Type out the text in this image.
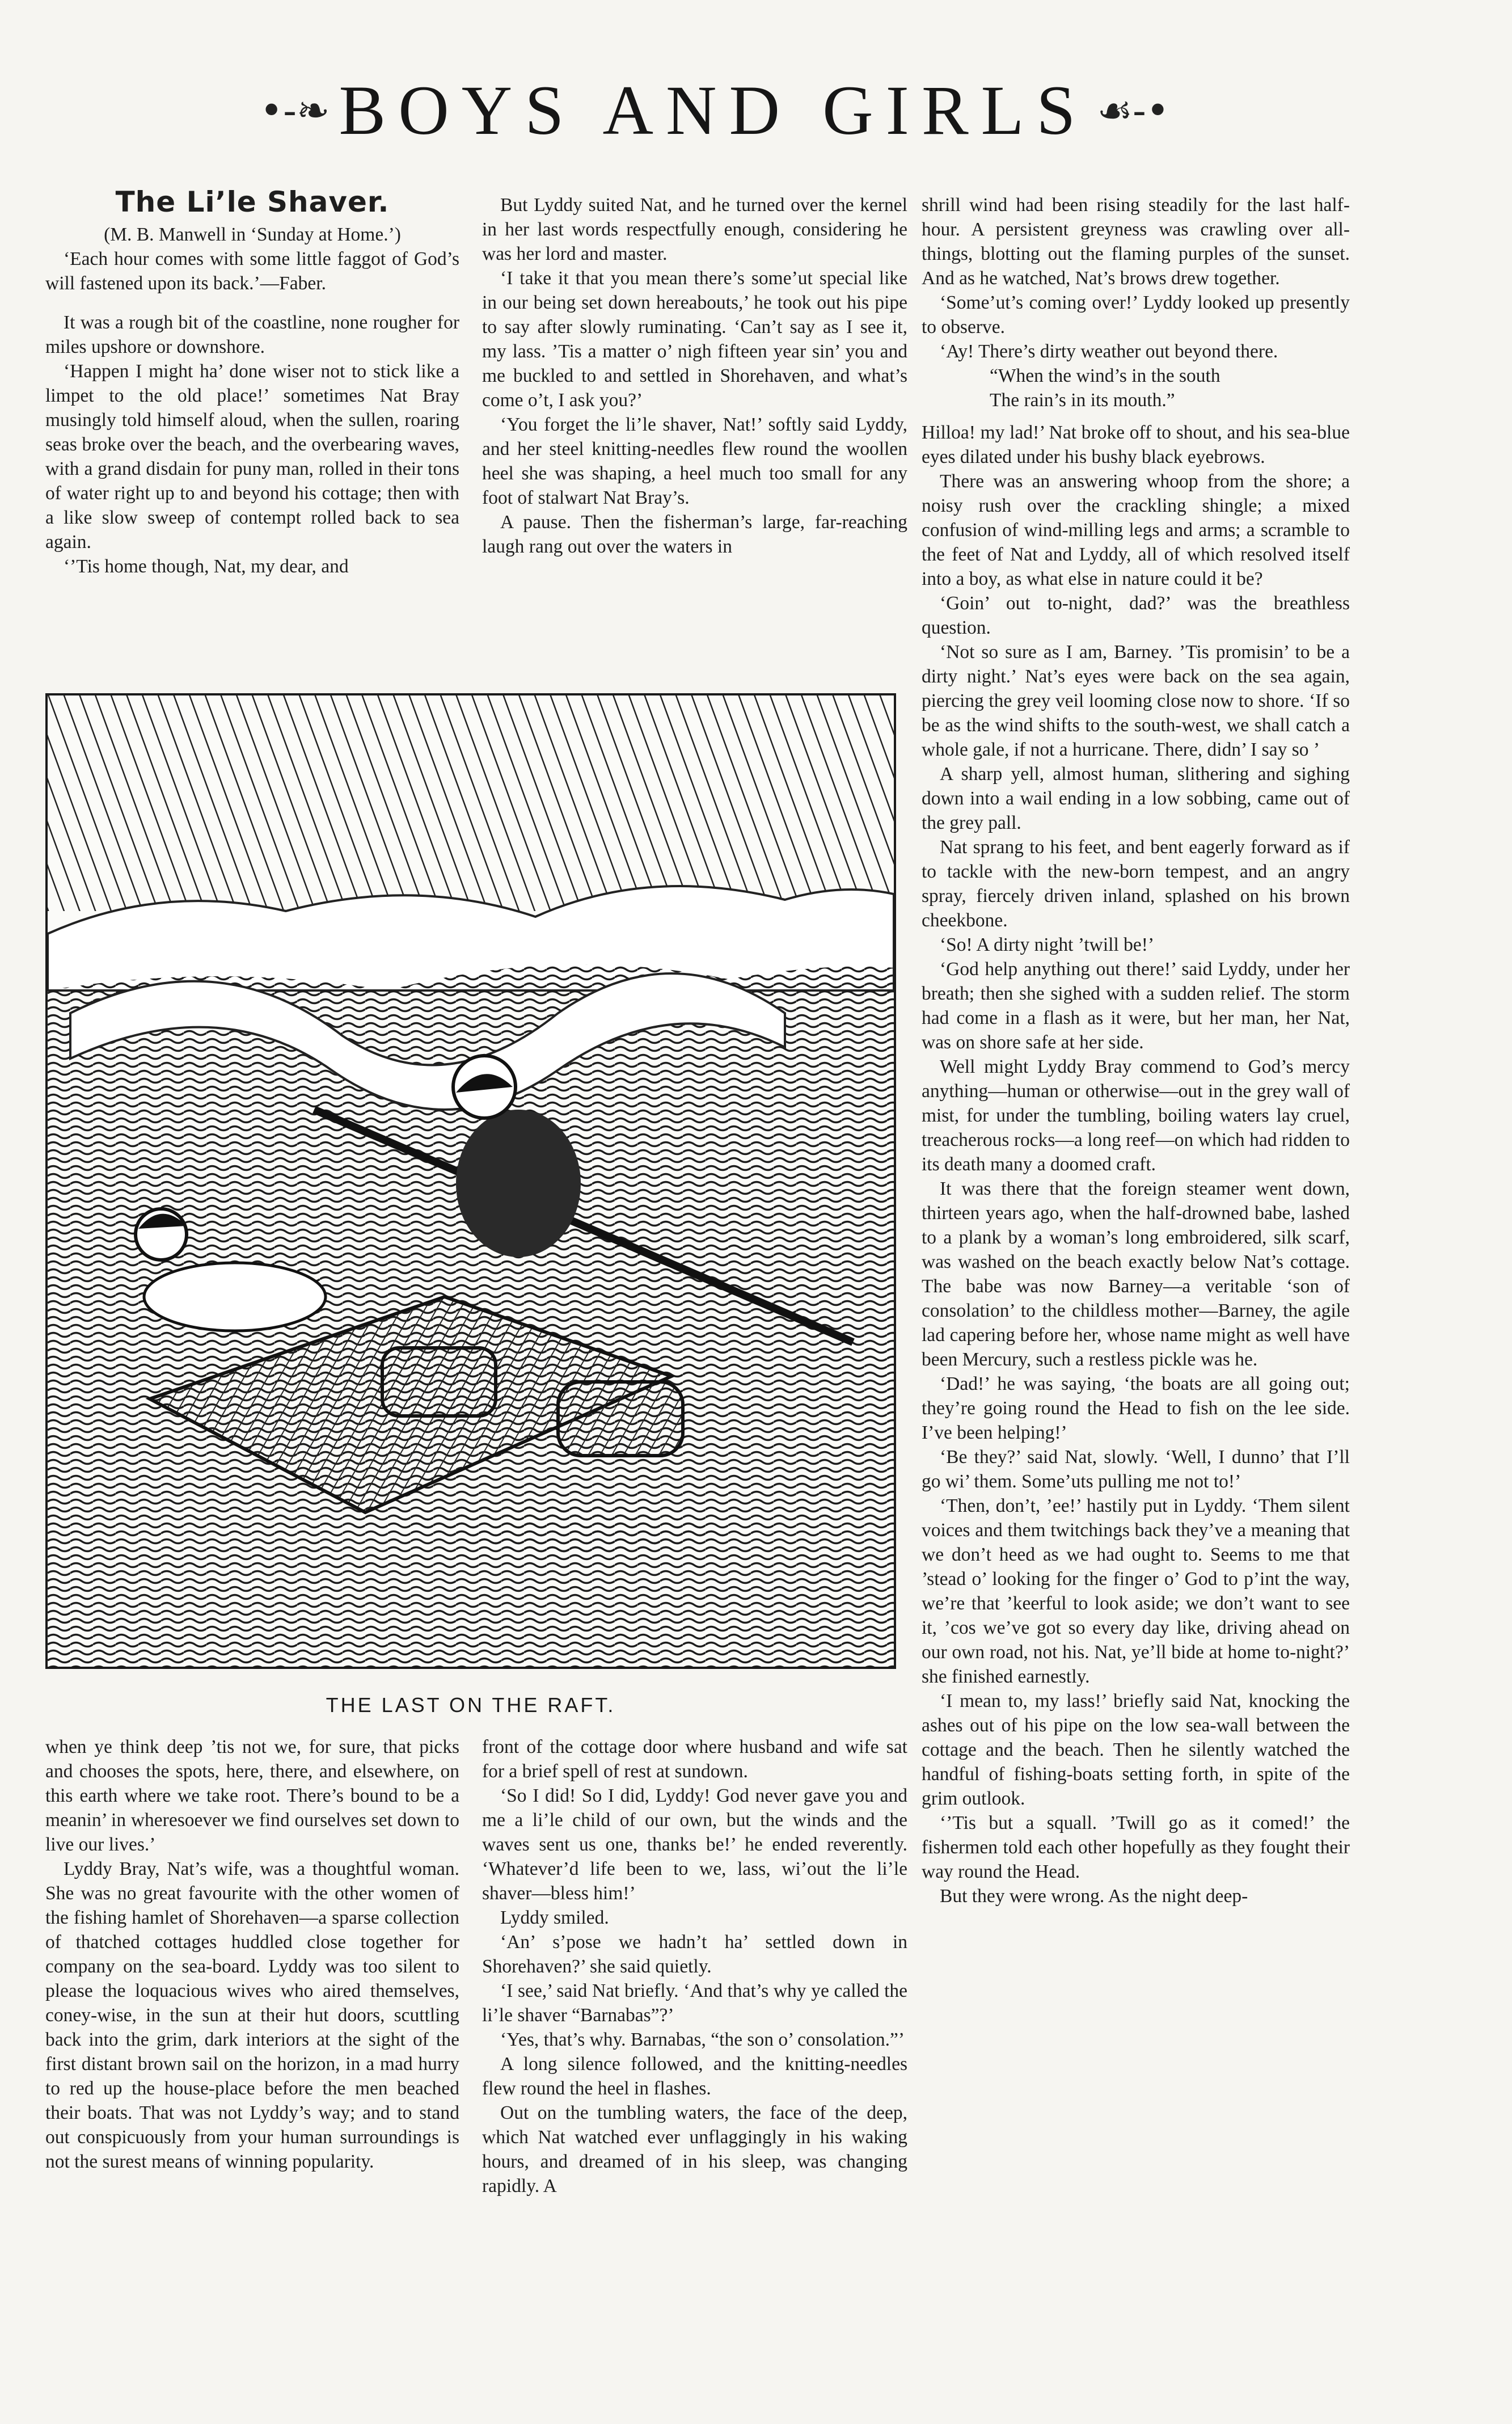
•-❧ BOYS AND GIRLS ☙-•
The Li’le Shaver.

(M. B. Manwell in ‘Sunday at Home.’)

‘Each hour comes with some little faggot of God’s will fastened upon its back.’—Faber.

It was a rough bit of the coastline, none rougher for miles upshore or downshore.

‘Happen I might ha’ done wiser not to stick like a limpet to the old place!’ sometimes Nat Bray musingly told himself aloud, when the sullen, roaring seas broke over the beach, and the overbearing waves, with a grand disdain for puny man, rolled in their tons of water right up to and beyond his cottage; then with a like slow sweep of contempt rolled back to sea again.

‘’Tis home though, Nat, my dear, and

But Lyddy suited Nat, and he turned over the kernel in her last words respectfully enough, considering he was her lord and master.

‘I take it that you mean there’s some’ut special like in our being set down hereabouts,’ he took out his pipe to say after slowly ruminating. ‘Can’t say as I see it, my lass. ’Tis a matter o’ nigh fifteen year sin’ you and me buckled to and settled in Shorehaven, and what’s come o’t, I ask you?’

‘You forget the li’le shaver, Nat!’ softly said Lyddy, and her steel knitting-needles flew round the woollen heel she was shaping, a heel much too small for any foot of stalwart Nat Bray’s.

A pause. Then the fisherman’s large, far-reaching laugh rang out over the waters in

shrill wind had been rising steadily for the last half-hour. A persistent greyness was crawling over all-things, blotting out the flaming purples of the sunset. And as he watched, Nat’s brows drew together.

‘Some’ut’s coming over!’ Lyddy looked up presently to observe.

‘Ay! There’s dirty weather out beyond there.

“When the wind’s in the south

The rain’s in its mouth.”

Hilloa! my lad!’ Nat broke off to shout, and his sea-blue eyes dilated under his bushy black eyebrows.

There was an answering whoop from the shore; a noisy rush over the crackling shingle; a mixed confusion of wind-milling legs and arms; a scramble to the feet of Nat and Lyddy, all of which resolved itself into a boy, as what else in nature could it be?

‘Goin’ out to-night, dad?’ was the breathless question.

‘Not so sure as I am, Barney. ’Tis promisin’ to be a dirty night.’ Nat’s eyes were back on the sea again, piercing the grey veil looming close now to shore. ‘If so be as the wind shifts to the south-west, we shall catch a whole gale, if not a hurricane. There, didn’ I say so ’

A sharp yell, almost human, slithering and sighing down into a wail ending in a low sobbing, came out of the grey pall.

Nat sprang to his feet, and bent eagerly forward as if to tackle with the new-born tempest, and an angry spray, fiercely driven inland, splashed on his brown cheekbone.

‘So! A dirty night ’twill be!’

‘God help anything out there!’ said Lyddy, under her breath; then she sighed with a sudden relief. The storm had come in a flash as it were, but her man, her Nat, was on shore safe at her side.

Well might Lyddy Bray commend to God’s mercy anything—human or otherwise—out in the grey wall of mist, for under the tumbling, boiling waters lay cruel, treacherous rocks—a long reef—on which had ridden to its death many a doomed craft.

It was there that the foreign steamer went down, thirteen years ago, when the half-drowned babe, lashed to a plank by a woman’s long embroidered, silk scarf, was washed on the beach exactly below Nat’s cottage. The babe was now Barney—a veritable ‘son of consolation’ to the childless mother—Barney, the agile lad capering before her, whose name might as well have been Mercury, such a restless pickle was he.

‘Dad!’ he was saying, ‘the boats are all going out; they’re going round the Head to fish on the lee side. I’ve been helping!’

‘Be they?’ said Nat, slowly. ‘Well, I dunno’ that I’ll go wi’ them. Some’uts pulling me not to!’

‘Then, don’t, ’ee!’ hastily put in Lyddy. ‘Them silent voices and them twitchings back they’ve a meaning that we don’t heed as we had ought to. Seems to me that ’stead o’ looking for the finger o’ God to p’int the way, we’re that ’keerful to look aside; we don’t want to see it, ’cos we’ve got so every day like, driving ahead on our own road, not his. Nat, ye’ll bide at home to-night?’ she finished earnestly.

‘I mean to, my lass!’ briefly said Nat, knocking the ashes out of his pipe on the low sea-wall between the cottage and the beach. Then he silently watched the handful of fishing-boats setting forth, in spite of the grim outlook.

‘’Tis but a squall. ’Twill go as it comed!’ the fishermen told each other hopefully as they fought their way round the Head.

But they were wrong. As the night deep-

THE LAST ON THE RAFT.

when ye think deep ’tis not we, for sure, that picks and chooses the spots, here, there, and elsewhere, on this earth where we take root. There’s bound to be a meanin’ in wheresoever we find ourselves set down to live our lives.’

Lyddy Bray, Nat’s wife, was a thoughtful woman. She was no great favourite with the other women of the fishing hamlet of Shorehaven—a sparse collection of thatched cottages huddled close together for company on the sea-board. Lyddy was too silent to please the loquacious wives who aired themselves, coney-wise, in the sun at their hut doors, scuttling back into the grim, dark interiors at the sight of the first distant brown sail on the horizon, in a mad hurry to red up the house-place before the men beached their boats. That was not Lyddy’s way; and to stand out conspicuously from your human surroundings is not the surest means of winning popularity.

front of the cottage door where husband and wife sat for a brief spell of rest at sundown.

‘So I did! So I did, Lyddy! God never gave you and me a li’le child of our own, but the winds and the waves sent us one, thanks be!’ he ended reverently. ‘Whatever’d life been to we, lass, wi’out the li’le shaver—bless him!’

Lyddy smiled.

‘An’ s’pose we hadn’t ha’ settled down in Shorehaven?’ she said quietly.

‘I see,’ said Nat briefly. ‘And that’s why ye called the li’le shaver “Barnabas”?’

‘Yes, that’s why. Barnabas, “the son o’ consolation.”’

A long silence followed, and the knitting-needles flew round the heel in flashes.

Out on the tumbling waters, the face of the deep, which Nat watched ever unflaggingly in his waking hours, and dreamed of in his sleep, was changing rapidly. A
